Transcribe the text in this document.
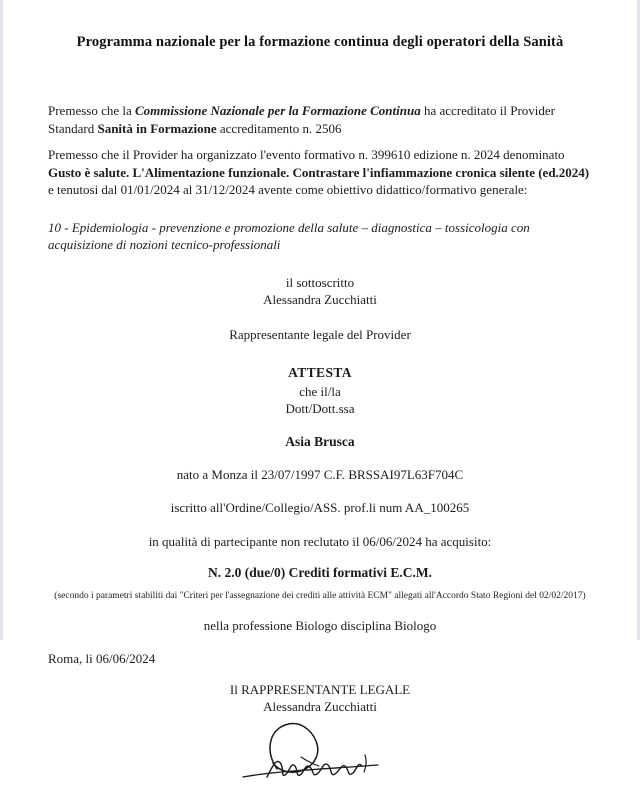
Programma nazionale per la formazione continua degli operatori della Sanità
Premesso che la Commissione Nazionale per la Formazione Continua ha accreditato il Provider Standard Sanità in Formazione accreditamento n. 2506
Premesso che il Provider ha organizzato l'evento formativo n. 399610 edizione n. 2024 denominato Gusto è salute. L'Alimentazione funzionale. Contrastare l'infiammazione cronica silente (ed.2024) e tenutosi dal 01/01/2024 al 31/12/2024 avente come obiettivo didattico/formativo generale:
10 - Epidemiologia - prevenzione e promozione della salute – diagnostica – tossicologia con acquisizione di nozioni tecnico-professionali
il sottoscritto
Alessandra Zucchiatti
Rappresentante legale del Provider
ATTESTA
che il/la
Dott/Dott.ssa
Asia Brusca
nato a Monza il 23/07/1997 C.F. BRSSAI97L63F704C
iscritto all'Ordine/Collegio/ASS. prof.li num AA_100265
in qualità di partecipante non reclutato il 06/06/2024 ha acquisito:
N. 2.0 (due/0) Crediti formativi E.C.M.
(secondo i parametri stabiliti dai "Criteri per l'assegnazione dei crediti alle attività ECM" allegati all'Accordo Stato Regioni del 02/02/2017)
nella professione Biologo disciplina Biologo
Roma, li 06/06/2024
Il RAPPRESENTANTE LEGALE
Alessandra Zucchiatti
